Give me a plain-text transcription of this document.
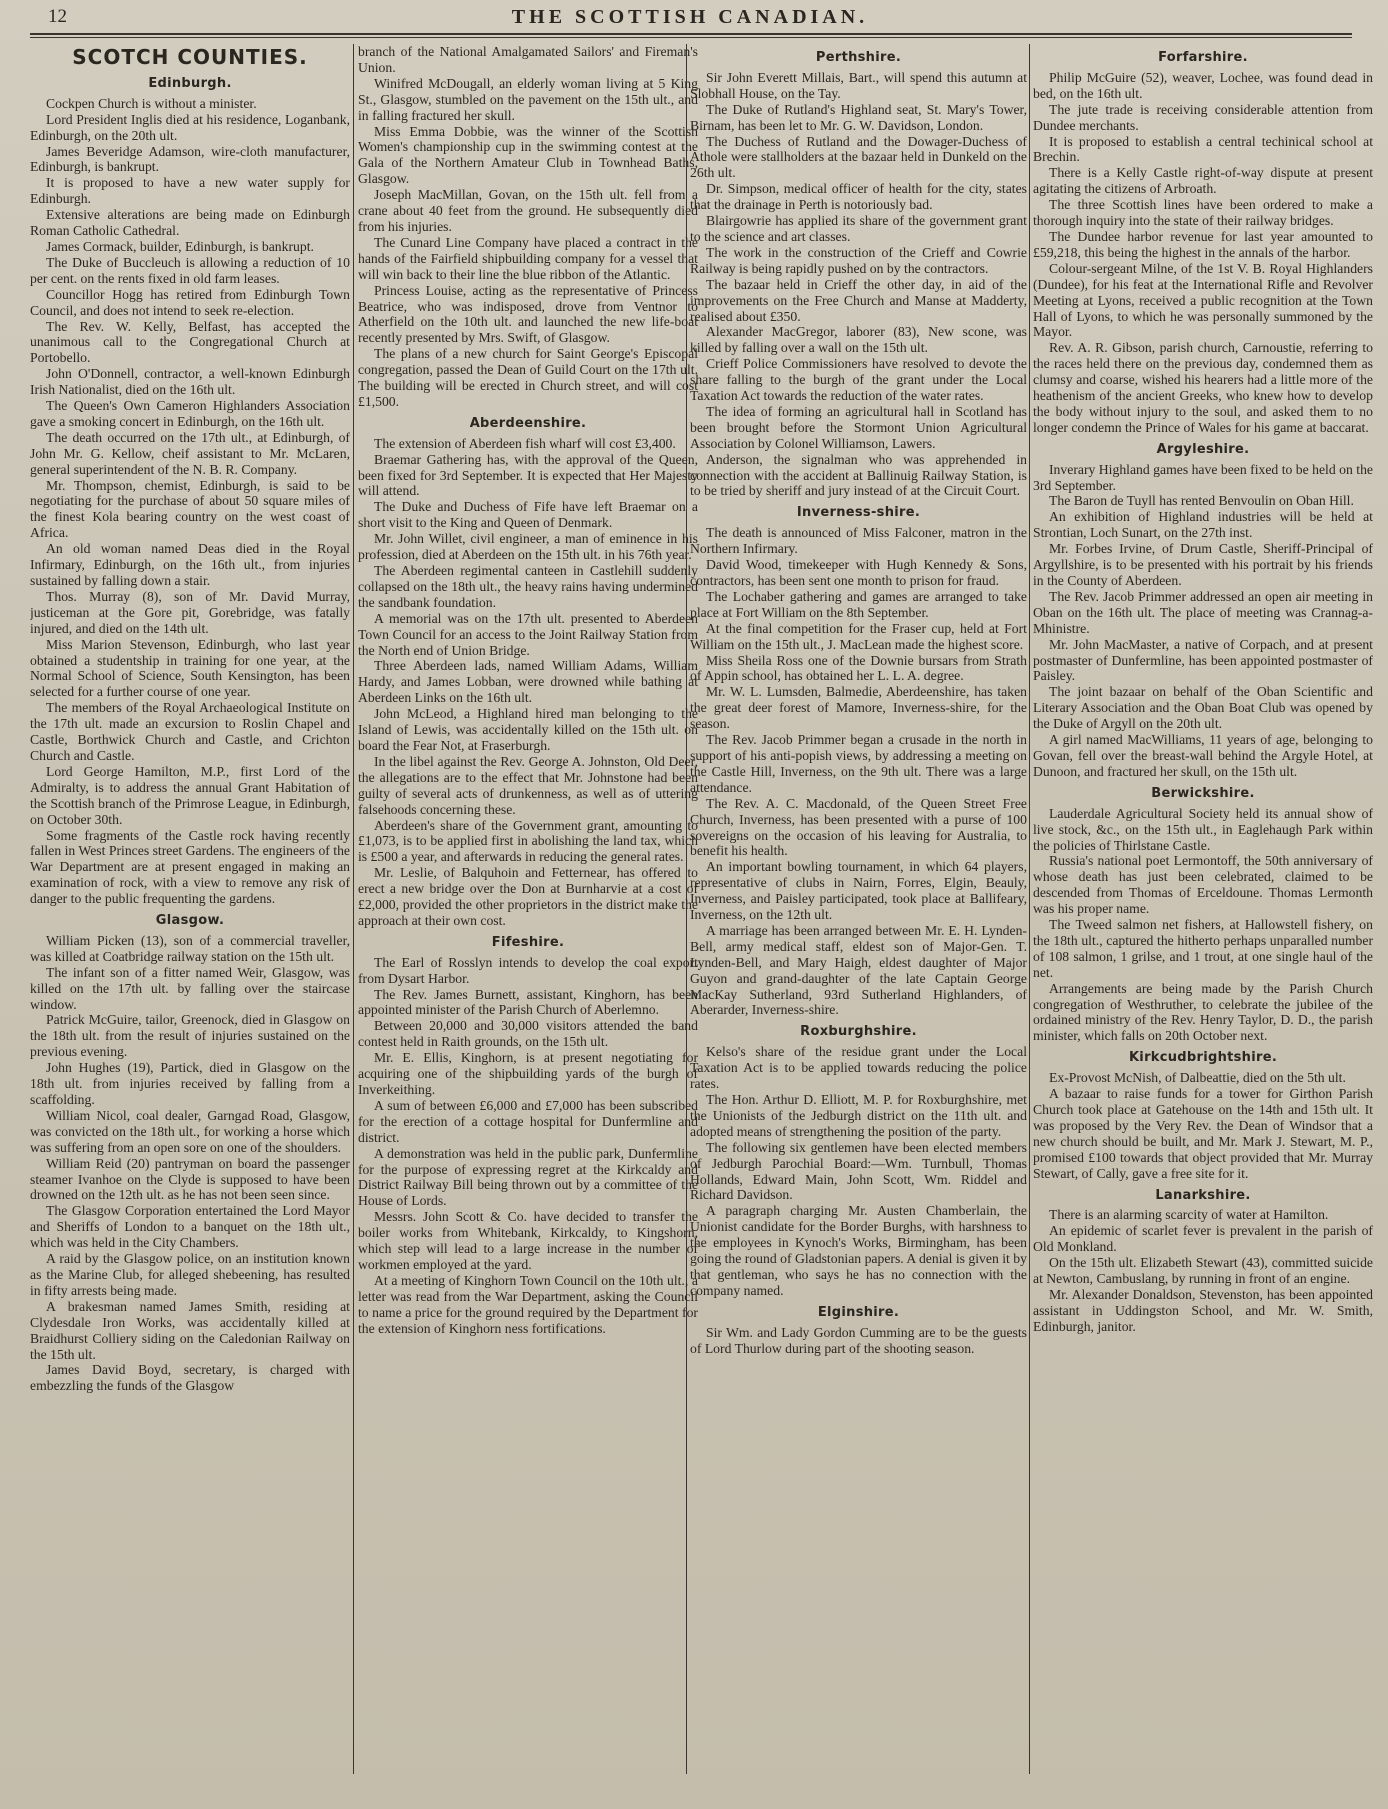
12	THE SCOTTISH CANADIAN.
SCOTCH COUNTIES.
Edinburgh.

Cockpen Church is without a minister.

Lord President Inglis died at his residence, Loganbank, Edinburgh, on the 20th ult.

James Beveridge Adamson, wire-cloth manufacturer, Edinburgh, is bankrupt.

It is proposed to have a new water supply for Edinburgh.

Extensive alterations are being made on Edinburgh Roman Catholic Cathedral.

James Cormack, builder, Edinburgh, is bankrupt.

The Duke of Buccleuch is allowing a reduction of 10 per cent. on the rents fixed in old farm leases.

Councillor Hogg has retired from Edinburgh Town Council, and does not intend to seek re-election.

The Rev. W. Kelly, Belfast, has accepted the unanimous call to the Congregational Church at Portobello.

John O'Donnell, contractor, a well-known Edinburgh Irish Nationalist, died on the 16th ult.

The Queen's Own Cameron Highlanders Association gave a smoking concert in Edinburgh, on the 16th ult.

The death occurred on the 17th ult., at Edinburgh, of John Mr. G. Kellow, cheif assistant to Mr. McLaren, general superintendent of the N. B. R. Company.

Mr. Thompson, chemist, Edinburgh, is said to be negotiating for the purchase of about 50 square miles of the finest Kola bearing country on the west coast of Africa.

An old woman named Deas died in the Royal Infirmary, Edinburgh, on the 16th ult., from injuries sustained by falling down a stair.

Thos. Murray (8), son of Mr. David Murray, justiceman at the Gore pit, Gorebridge, was fatally injured, and died on the 14th ult.

Miss Marion Stevenson, Edinburgh, who last year obtained a studentship in training for one year, at the Normal School of Science, South Kensington, has been selected for a further course of one year.

The members of the Royal Archaeological Institute on the 17th ult. made an excursion to Roslin Chapel and Castle, Borthwick Church and Castle, and Crichton Church and Castle.

Lord George Hamilton, M.P., first Lord of the Admiralty, is to address the annual Grant Habitation of the Scottish branch of the Primrose League, in Edinburgh, on October 30th.

Some fragments of the Castle rock having recently fallen in West Princes street Gardens. The engineers of the War Department are at present engaged in making an examination of rock, with a view to remove any risk of danger to the public frequenting the gardens.

Glasgow.

William Picken (13), son of a commercial traveller, was killed at Coatbridge railway station on the 15th ult.

The infant son of a fitter named Weir, Glasgow, was killed on the 17th ult. by falling over the staircase window.

Patrick McGuire, tailor, Greenock, died in Glasgow on the 18th ult. from the result of injuries sustained on the previous evening.

John Hughes (19), Partick, died in Glasgow on the 18th ult. from injuries received by falling from a scaffolding.

William Nicol, coal dealer, Garngad Road, Glasgow, was convicted on the 18th ult., for working a horse which was suffering from an open sore on one of the shoulders.

William Reid (20) pantryman on board the passenger steamer Ivanhoe on the Clyde is supposed to have been drowned on the 12th ult. as he has not been seen since.

The Glasgow Corporation entertained the Lord Mayor and Sheriffs of London to a banquet on the 18th ult., which was held in the City Chambers.

A raid by the Glasgow police, on an institution known as the Marine Club, for alleged shebeening, has resulted in fifty arrests being made.

A brakesman named James Smith, residing at Clydesdale Iron Works, was accidentally killed at Braidhurst Colliery siding on the Caledonian Railway on the 15th ult.

James David Boyd, secretary, is charged with embezzling the funds of the Glasgow

branch of the National Amalgamated Sailors' and Fireman's Union.

Winifred McDougall, an elderly woman living at 5 King St., Glasgow, stumbled on the pavement on the 15th ult., and in falling fractured her skull.

Miss Emma Dobbie, was the winner of the Scottish Women's championship cup in the swimming contest at the Gala of the Northern Amateur Club in Townhead Baths, Glasgow.

Joseph MacMillan, Govan, on the 15th ult. fell from a crane about 40 feet from the ground. He subsequently died from his injuries.

The Cunard Line Company have placed a contract in the hands of the Fairfield shipbuilding company for a vessel that will win back to their line the blue ribbon of the Atlantic.

Princess Louise, acting as the representative of Princess Beatrice, who was indisposed, drove from Ventnor to Atherfield on the 10th ult. and launched the new life-boat recently presented by Mrs. Swift, of Glasgow.

The plans of a new church for Saint George's Episcopal congregation, passed the Dean of Guild Court on the 17th ult. The building will be erected in Church street, and will cost £1,500.

Aberdeenshire.

The extension of Aberdeen fish wharf will cost £3,400.

Braemar Gathering has, with the approval of the Queen, been fixed for 3rd September. It is expected that Her Majesty will attend.

The Duke and Duchess of Fife have left Braemar on a short visit to the King and Queen of Denmark.

Mr. John Willet, civil engineer, a man of eminence in his profession, died at Aberdeen on the 15th ult. in his 76th year.

The Aberdeen regimental canteen in Castlehill suddenly collapsed on the 18th ult., the heavy rains having undermined the sandbank foundation.

A memorial was on the 17th ult. presented to Aberdeen Town Council for an access to the Joint Railway Station from the North end of Union Bridge.

Three Aberdeen lads, named William Adams, William Hardy, and James Lobban, were drowned while bathing at Aberdeen Links on the 16th ult.

John McLeod, a Highland hired man belonging to the Island of Lewis, was accidentally killed on the 15th ult. on board the Fear Not, at Fraserburgh.

In the libel against the Rev. George A. Johnston, Old Deer, the allegations are to the effect that Mr. Johnstone had been guilty of several acts of drunkenness, as well as of uttering falsehoods concerning these.

Aberdeen's share of the Government grant, amounting to £1,073, is to be applied first in abolishing the land tax, which is £500 a year, and afterwards in reducing the general rates.

Mr. Leslie, of Balquhoin and Fetternear, has offered to erect a new bridge over the Don at Burnharvie at a cost of £2,000, provided the other proprietors in the district make the approach at their own cost.

Fifeshire.

The Earl of Rosslyn intends to develop the coal export from Dysart Harbor.

The Rev. James Burnett, assistant, Kinghorn, has been appointed minister of the Parish Church of Aberlemno.

Between 20,000 and 30,000 visitors attended the band contest held in Raith grounds, on the 15th ult.

Mr. E. Ellis, Kinghorn, is at present negotiating for acquiring one of the shipbuilding yards of the burgh of Inverkeithing.

A sum of between £6,000 and £7,000 has been subscribed for the erection of a cottage hospital for Dunfermline and district.

A demonstration was held in the public park, Dunfermline for the purpose of expressing regret at the Kirkcaldy and District Railway Bill being thrown out by a committee of the House of Lords.

Messrs. John Scott & Co. have decided to transfer the boiler works from Whitebank, Kirkcaldy, to Kingshorn, which step will lead to a large increase in the number of workmen employed at the yard.

At a meeting of Kinghorn Town Council on the 10th ult., a letter was read from the War Department, asking the Council to name a price for the ground required by the Department for the extension of Kinghorn ness fortifications.

Perthshire.

Sir John Everett Millais, Bart., will spend this autumn at Slobhall House, on the Tay.

The Duke of Rutland's Highland seat, St. Mary's Tower, Birnam, has been let to Mr. G. W. Davidson, London.

The Duchess of Rutland and the Dowager-Duchess of Athole were stallholders at the bazaar held in Dunkeld on the 26th ult.

Dr. Simpson, medical officer of health for the city, states that the drainage in Perth is notoriously bad.

Blairgowrie has applied its share of the government grant to the science and art classes.

The work in the construction of the Crieff and Cowrie Railway is being rapidly pushed on by the contractors.

The bazaar held in Crieff the other day, in aid of the improvements on the Free Church and Manse at Madderty, realised about £350.

Alexander MacGregor, laborer (83), New scone, was killed by falling over a wall on the 15th ult.

Crieff Police Commissioners have resolved to devote the share falling to the burgh of the grant under the Local Taxation Act towards the reduction of the water rates.

The idea of forming an agricultural hall in Scotland has been brought before the Stormont Union Agricultural Association by Colonel Williamson, Lawers.

Anderson, the signalman who was apprehended in connection with the accident at Ballinuig Railway Station, is to be tried by sheriff and jury instead of at the Circuit Court.

Inverness-shire.

The death is announced of Miss Falconer, matron in the Northern Infirmary.

David Wood, timekeeper with Hugh Kennedy & Sons, contractors, has been sent one month to prison for fraud.

The Lochaber gathering and games are arranged to take place at Fort William on the 8th September.

At the final competition for the Fraser cup, held at Fort William on the 15th ult., J. MacLean made the highest score.

Miss Sheila Ross one of the Downie bursars from Strath of Appin school, has obtained her L. L. A. degree.

Mr. W. L. Lumsden, Balmedie, Aberdeenshire, has taken the great deer forest of Mamore, Inverness-shire, for the season.

The Rev. Jacob Primmer began a crusade in the north in support of his anti-popish views, by addressing a meeting on the Castle Hill, Inverness, on the 9th ult. There was a large attendance.

The Rev. A. C. Macdonald, of the Queen Street Free Church, Inverness, has been presented with a purse of 100 sovereigns on the occasion of his leaving for Australia, to benefit his health.

An important bowling tournament, in which 64 players, representative of clubs in Nairn, Forres, Elgin, Beauly, Inverness, and Paisley participated, took place at Ballifeary, Inverness, on the 12th ult.

A marriage has been arranged between Mr. E. H. Lynden-Bell, army medical staff, eldest son of Major-Gen. T. Lynden-Bell, and Mary Haigh, eldest daughter of Major Guyon and grand-daughter of the late Captain George MacKay Sutherland, 93rd Sutherland Highlanders, of Aberarder, Inverness-shire.

Roxburghshire.

Kelso's share of the residue grant under the Local Taxation Act is to be applied towards reducing the police rates.

The Hon. Arthur D. Elliott, M. P. for Roxburghshire, met the Unionists of the Jedburgh district on the 11th ult. and adopted means of strengthening the position of the party.

The following six gentlemen have been elected members of Jedburgh Parochial Board:—Wm. Turnbull, Thomas Hollands, Edward Main, John Scott, Wm. Riddel and Richard Davidson.

A paragraph charging Mr. Austen Chamberlain, the Unionist candidate for the Border Burghs, with harshness to the employees in Kynoch's Works, Birmingham, has been going the round of Gladstonian papers. A denial is given it by that gentleman, who says he has no connection with the company named.

Elginshire.

Sir Wm. and Lady Gordon Cumming are to be the guests of Lord Thurlow during part of the shooting season.

Forfarshire.

Philip McGuire (52), weaver, Lochee, was found dead in bed, on the 16th ult.

The jute trade is receiving considerable attention from Dundee merchants.

It is proposed to establish a central techinical school at Brechin.

There is a Kelly Castle right-of-way dispute at present agitating the citizens of Arbroath.

The three Scottish lines have been ordered to make a thorough inquiry into the state of their railway bridges.

The Dundee harbor revenue for last year amounted to £59,218, this being the highest in the annals of the harbor.

Colour-sergeant Milne, of the 1st V. B. Royal Highlanders (Dundee), for his feat at the International Rifle and Revolver Meeting at Lyons, received a public recognition at the Town Hall of Lyons, to which he was personally summoned by the Mayor.

Rev. A. R. Gibson, parish church, Carnoustie, referring to the races held there on the previous day, condemned them as clumsy and coarse, wished his hearers had a little more of the heathenism of the ancient Greeks, who knew how to develop the body without injury to the soul, and asked them to no longer condemn the Prince of Wales for his game at baccarat.

Argyleshire.

Inverary Highland games have been fixed to be held on the 3rd September.

The Baron de Tuyll has rented Benvoulin on Oban Hill.

An exhibition of Highland industries will be held at Strontian, Loch Sunart, on the 27th inst.

Mr. Forbes Irvine, of Drum Castle, Sheriff-Principal of Argyllshire, is to be presented with his portrait by his friends in the County of Aberdeen.

The Rev. Jacob Primmer addressed an open air meeting in Oban on the 16th ult. The place of meeting was Crannag-a-Mhinistre.

Mr. John MacMaster, a native of Corpach, and at present postmaster of Dunfermline, has been appointed postmaster of Paisley.

The joint bazaar on behalf of the Oban Scientific and Literary Association and the Oban Boat Club was opened by the Duke of Argyll on the 20th ult.

A girl named MacWilliams, 11 years of age, belonging to Govan, fell over the breast-wall behind the Argyle Hotel, at Dunoon, and fractured her skull, on the 15th ult.

Berwickshire.

Lauderdale Agricultural Society held its annual show of live stock, &c., on the 15th ult., in Eaglehaugh Park within the policies of Thirlstane Castle.

Russia's national poet Lermontoff, the 50th anniversary of whose death has just been celebrated, claimed to be descended from Thomas of Erceldoune. Thomas Lermonth was his proper name.

The Tweed salmon net fishers, at Hallowstell fishery, on the 18th ult., captured the hitherto perhaps unparalled number of 108 salmon, 1 grilse, and 1 trout, at one single haul of the net.

Arrangements are being made by the Parish Church congregation of Westhruther, to celebrate the jubilee of the ordained ministry of the Rev. Henry Taylor, D. D., the parish minister, which falls on 20th October next.

Kirkcudbrightshire.

Ex-Provost McNish, of Dalbeattie, died on the 5th ult.

A bazaar to raise funds for a tower for Girthon Parish Church took place at Gatehouse on the 14th and 15th ult. It was proposed by the Very Rev. the Dean of Windsor that a new church should be built, and Mr. Mark J. Stewart, M. P., promised £100 towards that object provided that Mr. Murray Stewart, of Cally, gave a free site for it.

Lanarkshire.

There is an alarming scarcity of water at Hamilton.

An epidemic of scarlet fever is prevalent in the parish of Old Monkland.

On the 15th ult. Elizabeth Stewart (43), committed suicide at Newton, Cambuslang, by running in front of an engine.

Mr. Alexander Donaldson, Stevenston, has been appointed assistant in Uddingston School, and Mr. W. Smith, Edinburgh, janitor.
